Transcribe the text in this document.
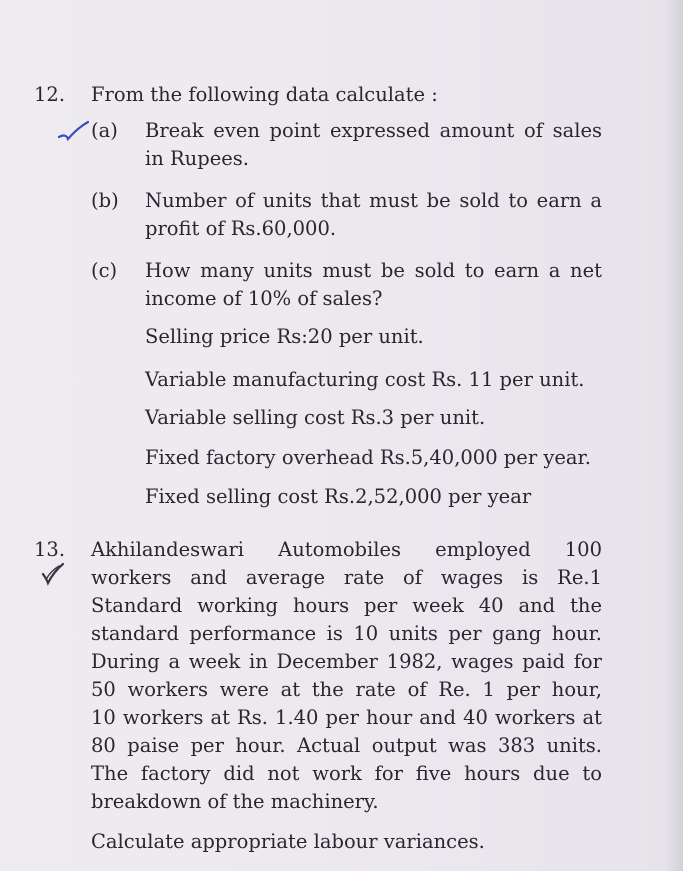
12. From the following data calculate :
(a) Break even point expressed amount of sales
in Rupees.
(b) Number of units that must be sold to earn a
profit of Rs.60,000.
(c) How many units must be sold to earn a net
income of 10% of sales?
Selling price Rs:20 per unit.
Variable manufacturing cost Rs. 11 per unit.
Variable selling cost Rs.3 per unit.
Fixed factory overhead Rs.5,40,000 per year.
Fixed selling cost Rs.2,52,000 per year
13. Akhilandeswari Automobiles employed 100
workers and average rate of wages is Re.1
Standard working hours per week 40 and the
standard performance is 10 units per gang hour.
During a week in December 1982, wages paid for
50 workers were at the rate of Re. 1 per hour,
10 workers at Rs. 1.40 per hour and 40 workers at
80 paise per hour. Actual output was 383 units.
The factory did not work for five hours due to
breakdown of the machinery.
Calculate appropriate labour variances.
